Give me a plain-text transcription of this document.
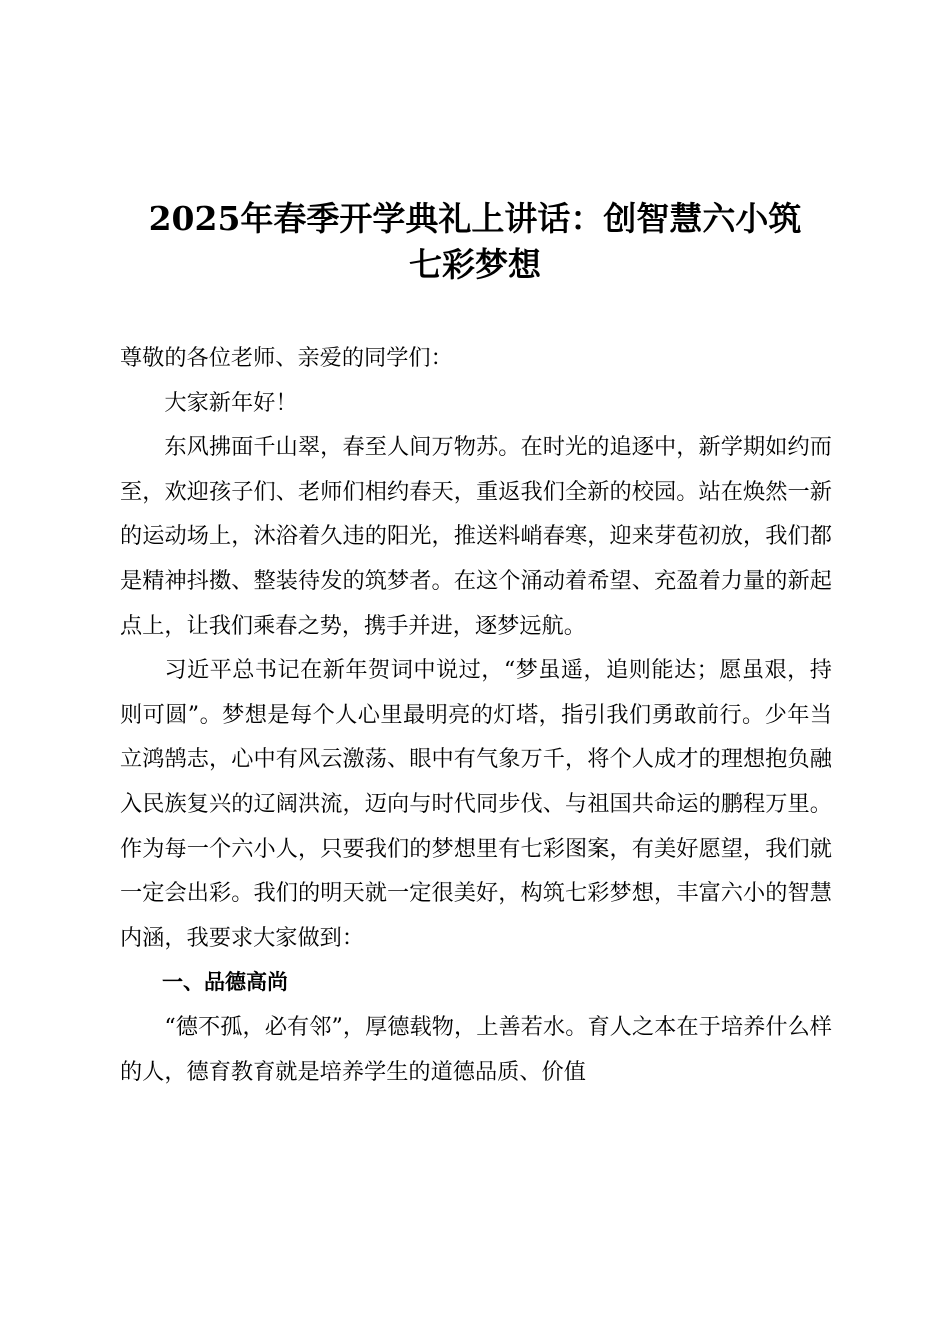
2025年春季开学典礼上讲话：创智慧六小筑
七彩梦想

尊敬的各位老师、亲爱的同学们：

大家新年好！

东风拂面千山翠，春至人间万物苏。在时光的追逐中，新学期如约而至，欢迎孩子们、老师们相约春天，重返我们全新的校园。站在焕然一新的运动场上，沐浴着久违的阳光，推送料峭春寒，迎来芽苞初放，我们都是精神抖擞、整装待发的筑梦者。在这个涌动着希望、充盈着力量的新起点上，让我们乘春之势，携手并进，逐梦远航。

习近平总书记在新年贺词中说过，“梦虽遥，追则能达；愿虽艰，持则可圆”。梦想是每个人心里最明亮的灯塔，指引我们勇敢前行。少年当立鸿鹄志，心中有风云激荡、眼中有气象万千，将个人成才的理想抱负融入民族复兴的辽阔洪流，迈向与时代同步伐、与祖国共命运的鹏程万里。作为每一个六小人，只要我们的梦想里有七彩图案，有美好愿望，我们就一定会出彩。我们的明天就一定很美好，构筑七彩梦想，丰富六小的智慧内涵，我要求大家做到：

一、品德高尚

“德不孤，必有邻”，厚德载物，上善若水。育人之本在于培养什么样的人，德育教育就是培养学生的道德品质、价值
